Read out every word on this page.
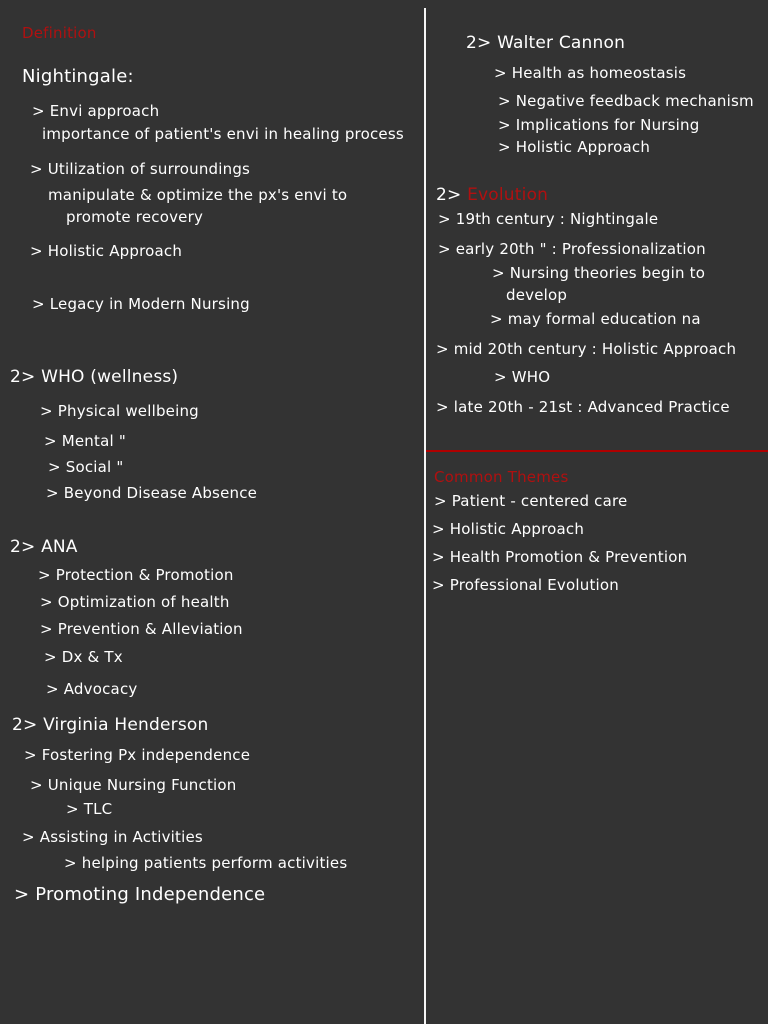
Definition
Nightingale:
> Envi approach
importance of patient's envi in healing process
> Utilization of surroundings
manipulate & optimize the px's envi to
promote recovery
> Holistic Approach
> Legacy in Modern Nursing
2> WHO (wellness)
> Physical wellbeing
> Mental "
> Social "
> Beyond Disease Absence
2> ANA
> Protection & Promotion
> Optimization of health
> Prevention & Alleviation
> Dx & Tx
> Advocacy
2> Virginia Henderson
> Fostering Px independence
> Unique Nursing Function
> TLC
> Assisting in Activities
> helping patients perform activities
> Promoting Independence
2> Walter Cannon
> Health as homeostasis
> Negative feedback mechanism
> Implications for Nursing
> Holistic Approach
2> Evolution
> 19th century : Nightingale
> early 20th " : Professionalization
> Nursing theories begin to
develop
> may formal education na
> mid 20th century : Holistic Approach
> WHO
> late 20th - 21st : Advanced Practice
Common Themes
> Patient - centered care
> Holistic Approach
> Health Promotion & Prevention
> Professional Evolution
